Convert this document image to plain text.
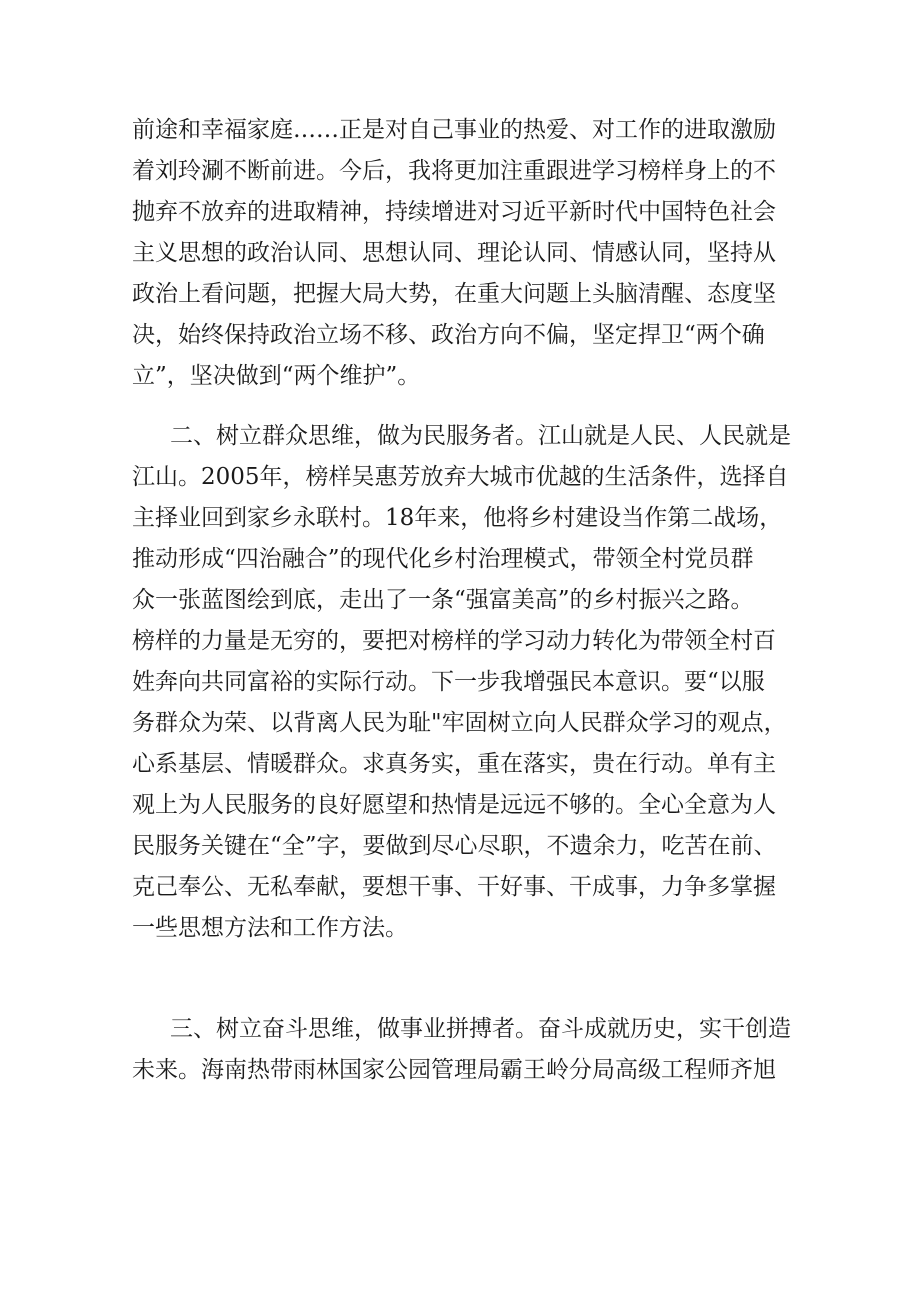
前途和幸福家庭……正是对自己事业的热爱、对工作的进取激励
着刘玲涮不断前进。今后，我将更加注重跟进学习榜样身上的不
抛弃不放弃的进取精神，持续增进对习近平新时代中国特色社会
主义思想的政治认同、思想认同、理论认同、情感认同，坚持从
政治上看问题，把握大局大势，在重大问题上头脑清醒、态度坚
决，始终保持政治立场不移、政治方向不偏，坚定捍卫“两个确
立”，坚决做到“两个维护”。
二、树立群众思维，做为民服务者。江山就是人民、人民就是
江山。2005年，榜样吴惠芳放弃大城市优越的生活条件，选择自
主择业回到家乡永联村。18年来，他将乡村建设当作第二战场，
推动形成“四治融合”的现代化乡村治理模式，带领全村党员群
众一张蓝图绘到底，走出了一条“强富美高”的乡村振兴之路。
榜样的力量是无穷的，要把对榜样的学习动力转化为带领全村百
姓奔向共同富裕的实际行动。下一步我增强民本意识。要“以服
务群众为荣、以背离人民为耻"牢固树立向人民群众学习的观点，
心系基层、情暖群众。求真务实，重在落实，贵在行动。单有主
观上为人民服务的良好愿望和热情是远远不够的。全心全意为人
民服务关键在“全”字，要做到尽心尽职，不遗余力，吃苦在前、
克己奉公、无私奉献，要想干事、干好事、干成事，力争多掌握
一些思想方法和工作方法。
三、树立奋斗思维，做事业拼搏者。奋斗成就历史，实干创造
未来。海南热带雨林国家公园管理局霸王岭分局高级工程师齐旭
